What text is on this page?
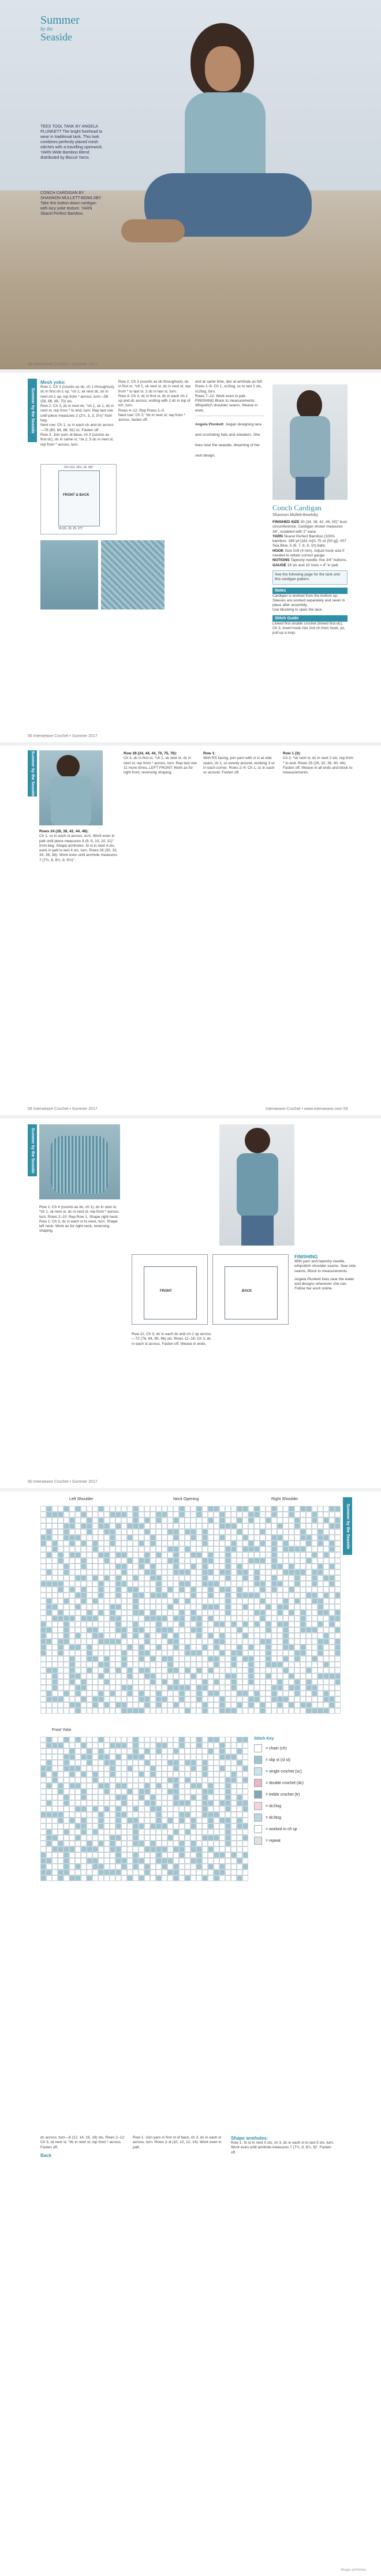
Summer
by the
Seaside
TEES TOOL TANK BY ANGELA PLUNKETT The bright forehead to wear in traditional tank. This look combines perfectly placed mesh stitches with a travelling openwork. YARN Wide Bamboo Blend distributed by Biscuit Yarns.
CONCH CARDIGAN BY SHANNON MULLETT-BOWLSBY Take this button-down cardigan with lacy yoke texture. YARN Skacel Perfect Bamboo.
56 Interweave Crochet • Summer 2017
Summer by the Seaside
Mesh yoke:
Row 1: Ch 3 (counts as dc, ch 1 throughout), dc in first ch-1 sp, *ch 1, sk next dc, dc in next ch-1 sp; rep from * across, turn—58 (58, 66, 66, 70) sts.
Row 2: Ch 3, dc in next dc, *ch 1, sk 1, dc in next st; rep from * to end, turn. Rep last row until piece measures 2 (2½, 3, 3, 3½)" from beg.
Next row: Ch 1, sc in each ch and dc across—76 (80, 84, 88, 92) sc. Fasten off.
Row 3: Join yarn at base, ch 3 (counts as first dc), dc in same st, *sk 2, 5 dc in next st; rep from * across, turn.
FRONT & BACK
11½ (12, 13½, 14, 15)"
19 (21, 23, 25, 27)"
Row 2: Ch 3 (counts as dc throughout), dc in first st, *ch 1, sk next st, dc in next st; rep from * to last st, 2 dc in last st, turn.
Row 3: Ch 3, dc in first st, dc in each ch-1 sp and dc across, ending with 2 dc in top of tch, turn.
Rows 4–12: Rep Rows 2–3.
Next row: Ch 3, *dc in next st; rep from * across, fasten off.
and at same time, dec at armhole as foll: Rows 1–6: Ch 1, sc2tog, sc to last 2 sts, sc2tog, turn.
Rows 7–12: Work even in patt.
FINISHING Block to measurements. Whipstitch shoulder seams. Weave in ends.
Angela Plunkett began designing lace and crocheting hats and sweaters. She lives near the seaside, dreaming of her next design.
Conch Cardigan
Shannon Mullett-Bowlsby
FINISHED SIZE 30 (34, 38, 42, 46, 50)" bust circumference. Cardigan shown measures 34", modeled with 2" ease.
YARN Skacel Perfect Bamboo (100% bamboo; 198 yd [181 m]/1.75 oz [50 g]): #07 Sea Blue, 5 (6, 7, 8, 9, 10) balls.
HOOK Size G/6 (4 mm). Adjust hook size if needed to obtain correct gauge.
NOTIONS Tapestry needle; five 3/4" buttons.
GAUGE 18 sts and 10 rows = 4" in patt.
See the following page for the tank and this cardigan pattern.
Notes
Cardigan is worked from the bottom up.
Sleeves are worked separately and sewn in place after assembly.
Use blocking to open the lace.
Stitch Guide
Linked first double crochet (linked first-dc): Ch 3, insert hook into 2nd ch from hook, yo, pull up a loop.
56 Interweave Crochet • Summer 2017
Summer by the Seaside
Rows 24 (28, 38, 42, 44, 48):
Ch 1, sc in each st across, turn. Work even in patt until piece measures 8 (9, 9, 10, 10, 11)" from beg. Shape armholes: Sl st in next 4 sts, work in patt to last 4 sts, turn. Rows 28 (30, 32, 34, 36, 38): Work even until armhole measures 7 (7½, 8, 8½, 9, 9½)".
Row 28 (24, 44, 44, 70, 75, 76):
Ch 3, dc in first st, *ch 1, sk next st, dc in next st; rep from * across, turn. Rep last row 11 more times. LEFT FRONT: Work as for right front, reversing shaping.
Row 1:
With RS facing, join yarn with sl st at side seam, ch 1, sc evenly around, working 3 sc in each corner. Rows 2–4: Ch 1, sc in each sc around. Fasten off.
Row 1 (3):
Ch 3, *sk next st, dc in next 2 sts; rep from * to end. Rows 25 (28, 32, 36, 40, 44): Fasten off. Weave in all ends and block to measurements.
58 Interweave Crochet • Summer 2017	Interweave Crochet • www.interweave.com 59
Summer by the Seaside
Row 1: Ch 4 (counts as dc, ch 1), dc in next st, *ch 1, sk next st, dc in next st; rep from * across, turn. Rows 2–10: Rep Row 1. Shape right neck: Row 1: Ch 3, dc in each st to neck, turn. Shape left neck: Work as for right neck, reversing shaping.
FRONT	BACK
Row 11: Ch 3, dc in each dc and ch-1 sp across—72 (78, 84, 90, 96) sts. Rows 12–16: Ch 3, dc in each st across. Fasten off. Weave in ends.
FINISHING
With yarn and tapestry needle, whipstitch shoulder seams. Sew side seams. Block to measurements.
Angela Plunkett lives near the water and designs whenever she can. Follow her work online.
60 Interweave Crochet • Summer 2017
Summer by the Seaside
Left Shoulder	Neck Opening	Right Shoulder
Front Yoke
Stitch Key
= chain (ch)
= slip st (sl st)
= single crochet (sc)
= double crochet (dc)
= treble crochet (tr)
= dc2tog
= dc3tog
= worked in ch sp
= repeat
dc across, turn—8 (12, 14, 16, 18) sts. Rows 2–12: Ch 3, sk next st, *dc in next st; rep from * across. Fasten off.
Back
Row 1: Join yarn in first st of back, ch 3, dc in each st across, turn. Rows 2–8 (10, 12, 12, 14): Work even in patt.
Shape armholes:
Row 1: Sl st in next 5 sts, ch 3, dc in each st to last 5 sts, turn. Work even until armhole measures 7 (7½, 8, 8½, 9)". Fasten off.
Shape armholes:
